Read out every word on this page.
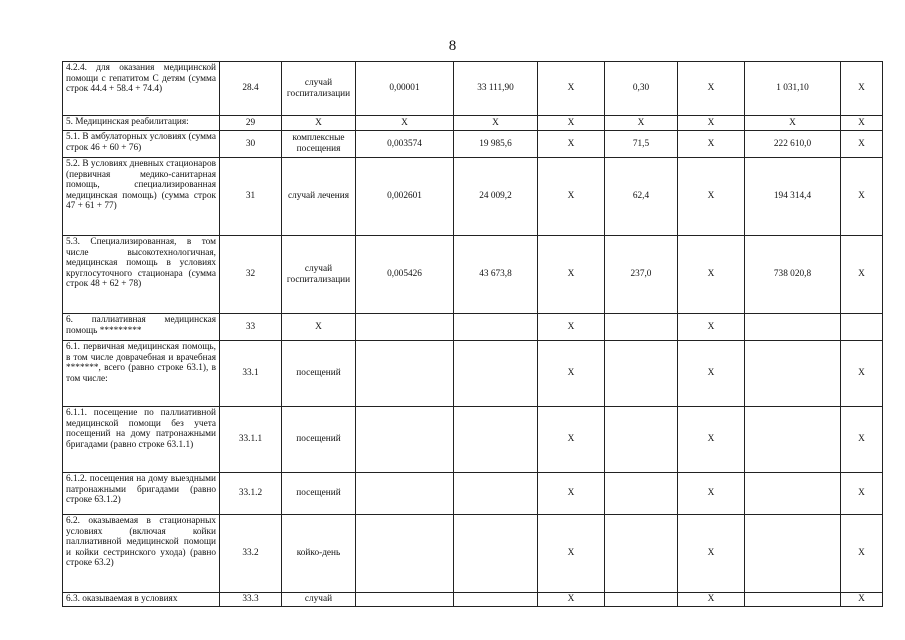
8
4.2.4. для оказания медицинской помощи с гепатитом С детям (сумма строк 44.4 + 58.4 + 74.4)	28.4	случай госпитализации	0,00001	33 111,90	X	0,30	X	1 031,10	X
5. Медицинская реабилитация:	29	X	X	X	X	X	X	X	X
5.1. В амбулаторных условиях (сумма строк 46 + 60 + 76)	30	комплексные посещения	0,003574	19 985,6	X	71,5	X	222 610,0	X
5.2. В условиях дневных стационаров (первичная медико-санитарная помощь, специализированная медицинская помощь) (сумма строк 47 + 61 + 77)	31	случай лечения	0,002601	24 009,2	X	62,4	X	194 314,4	X
5.3. Специализированная, в том числе высокотехнологичная, медицинская помощь в условиях круглосуточного стационара (сумма строк 48 + 62 + 78)	32	случай госпитализации	0,005426	43 673,8	X	237,0	X	738 020,8	X
6. паллиативная медицинская помощь *********	33	X			X		X		
6.1. первичная медицинская помощь, в том числе доврачебная и врачебная *******, всего (равно строке 63.1), в том числе:	33.1	посещений			X		X		X
6.1.1. посещение по паллиативной медицинской помощи без учета посещений на дому патронажными бригадами (равно строке 63.1.1)	33.1.1	посещений			X		X		X
6.1.2. посещения на дому выездными патронажными бригадами (равно строке 63.1.2)	33.1.2	посещений			X		X		X
6.2. оказываемая в стационарных условиях (включая койки паллиативной медицинской помощи и койки сестринского ухода) (равно строке 63.2)	33.2	койко-день			X		X		X
6.3. оказываемая в условиях	33.3	случай			X		X		X
